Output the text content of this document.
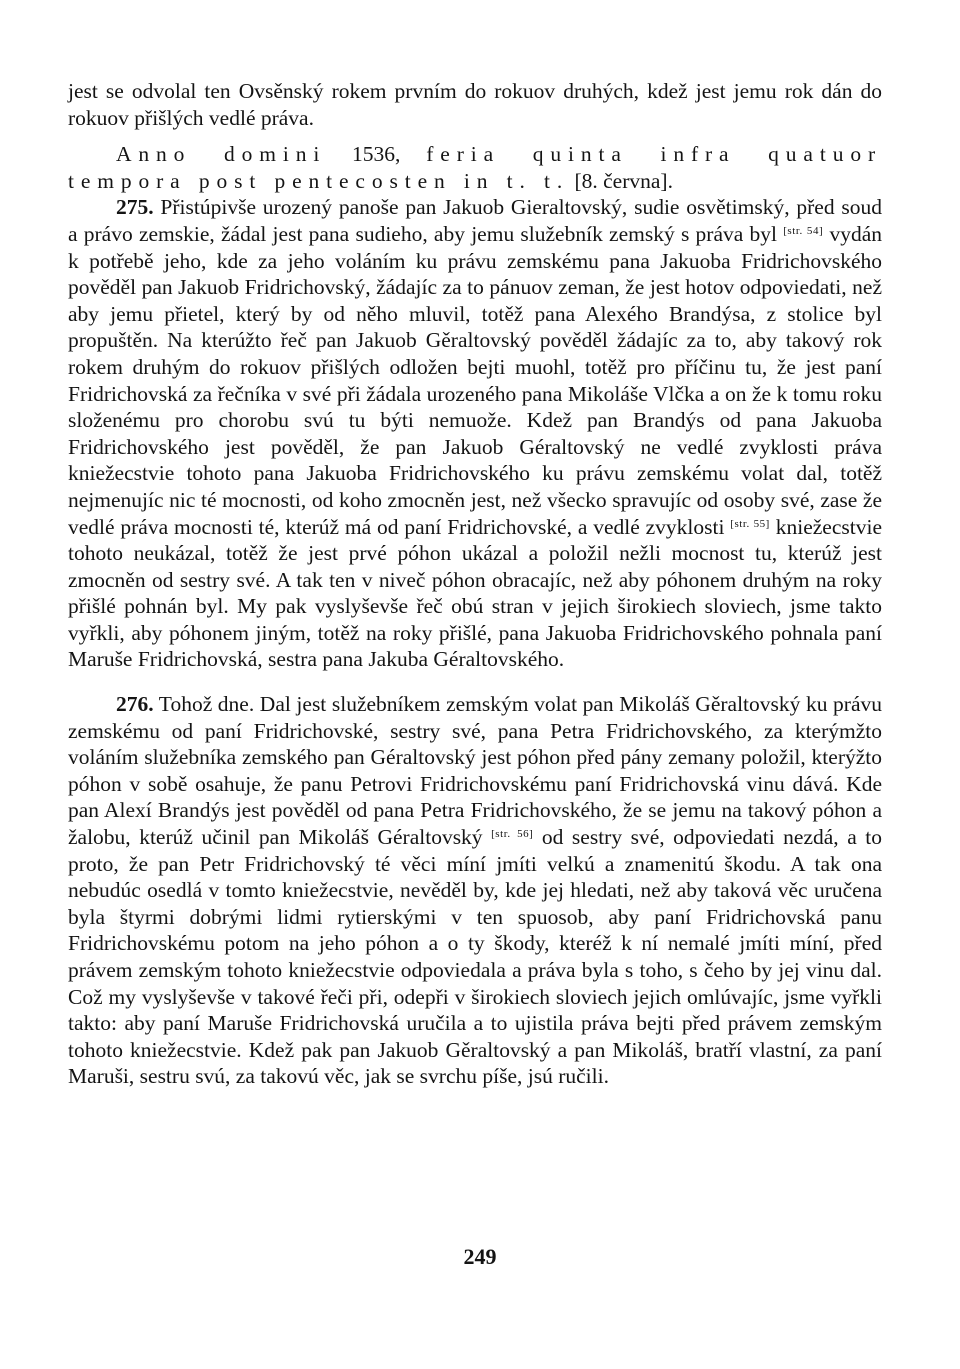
jest se odvolal ten Ovsěnský rokem prvním do rokuov druhých, kdež jest jemu rok dán do rokuov přišlých vedlé práva.

Anno domini 1536, feria quinta infra quatuor tempora post pentecosten in t. t. [8. června].

275. Přistúpivše urozený panoše pan Jakuob Gieraltovský, sudie osvětimský, před soud a právo zemskie, žádal jest pana sudieho, aby jemu služebník zemský s práva byl [str. 54] vydán k potřebě jeho, kde za jeho voláním ku právu zemskému pana Jakuoba Fridrichovského pověděl pan Jakuob Fridrichovský, žádajíc za to pánuov zeman, že jest hotov odpoviedati, než aby jemu přietel, který by od něho mluvil, totěž pana Alexého Brandýsa, z stolice byl propuštěn. Na kterúžto řeč pan Jakuob Gěraltovský pověděl žádajíc za to, aby takový rok rokem druhým do rokuov přišlých odložen bejti muohl, totěž pro příčinu tu, že jest paní Fridrichovská za řečníka v své při žádala urozeného pana Mikoláše Vlčka a on že k tomu roku složenému pro chorobu svú tu býti nemuože. Kdež pan Brandýs od pana Jakuoba Fridrichovského jest pověděl, že pan Jakuob Géraltovský ne vedlé zvyklosti práva kniežecstvie tohoto pana Jakuoba Fridrichovského ku právu zemskému volat dal, totěž nejmenujíc nic té mocnosti, od koho zmocněn jest, než všecko spravujíc od osoby své, zase že vedlé práva mocnosti té, kterúž má od paní Fridrichovské, a vedlé zvyklosti [str. 55] kniežecstvie tohoto neukázal, totěž že jest prvé póhon ukázal a položil nežli mocnost tu, kterúž jest zmocněn od sestry své. A tak ten v niveč póhon obracajíc, než aby póhonem druhým na roky přišlé pohnán byl. My pak vyslyševše řeč obú stran v jejich širokiech sloviech, jsme takto vyřkli, aby póhonem jiným, totěž na roky přišlé, pana Jakuoba Fridrichovského pohnala paní Maruše Fridrichovská, sestra pana Jakuba Géraltovského.

276. Tohož dne. Dal jest služebníkem zemským volat pan Mikoláš Gěraltovský ku právu zemskému od paní Fridrichovské, sestry své, pana Petra Fridrichovského, za kterýmžto voláním služebníka zemského pan Géraltovský jest póhon před pány zemany položil, kterýžto póhon v sobě osahuje, že panu Petrovi Fridrichovskému paní Fridrichovská vinu dává. Kde pan Alexí Brandýs jest pověděl od pana Petra Fridrichovského, že se jemu na takový póhon a žalobu, kterúž učinil pan Mikoláš Géraltovský [str. 56] od sestry své, odpoviedati nezdá, a to proto, že pan Petr Fridrichovský té věci míní jmíti velkú a znamenitú škodu. A tak ona nebudúc osedlá v tomto kniežecstvie, nevěděl by, kde jej hledati, než aby taková věc uručena byla štyrmi dobrými lidmi rytierskými v ten spuosob, aby paní Fridrichovská panu Fridrichovskému potom na jeho póhon a o ty škody, kteréž k ní nemalé jmíti míní, před právem zemským tohoto kniežecstvie odpoviedala a práva byla s toho, s čeho by jej vinu dal. Což my vyslyševše v takové řeči při, odepři v širokiech sloviech jejich omlúvajíc, jsme vyřkli takto: aby paní Maruše Fridrichovská uručila a to ujistila práva bejti před právem zemským tohoto kniežecstvie. Kdež pak pan Jakuob Gěraltovský a pan Mikoláš, bratří vlastní, za paní Maruši, sestru svú, za takovú věc, jak se svrchu píše, jsú ručili.

249
